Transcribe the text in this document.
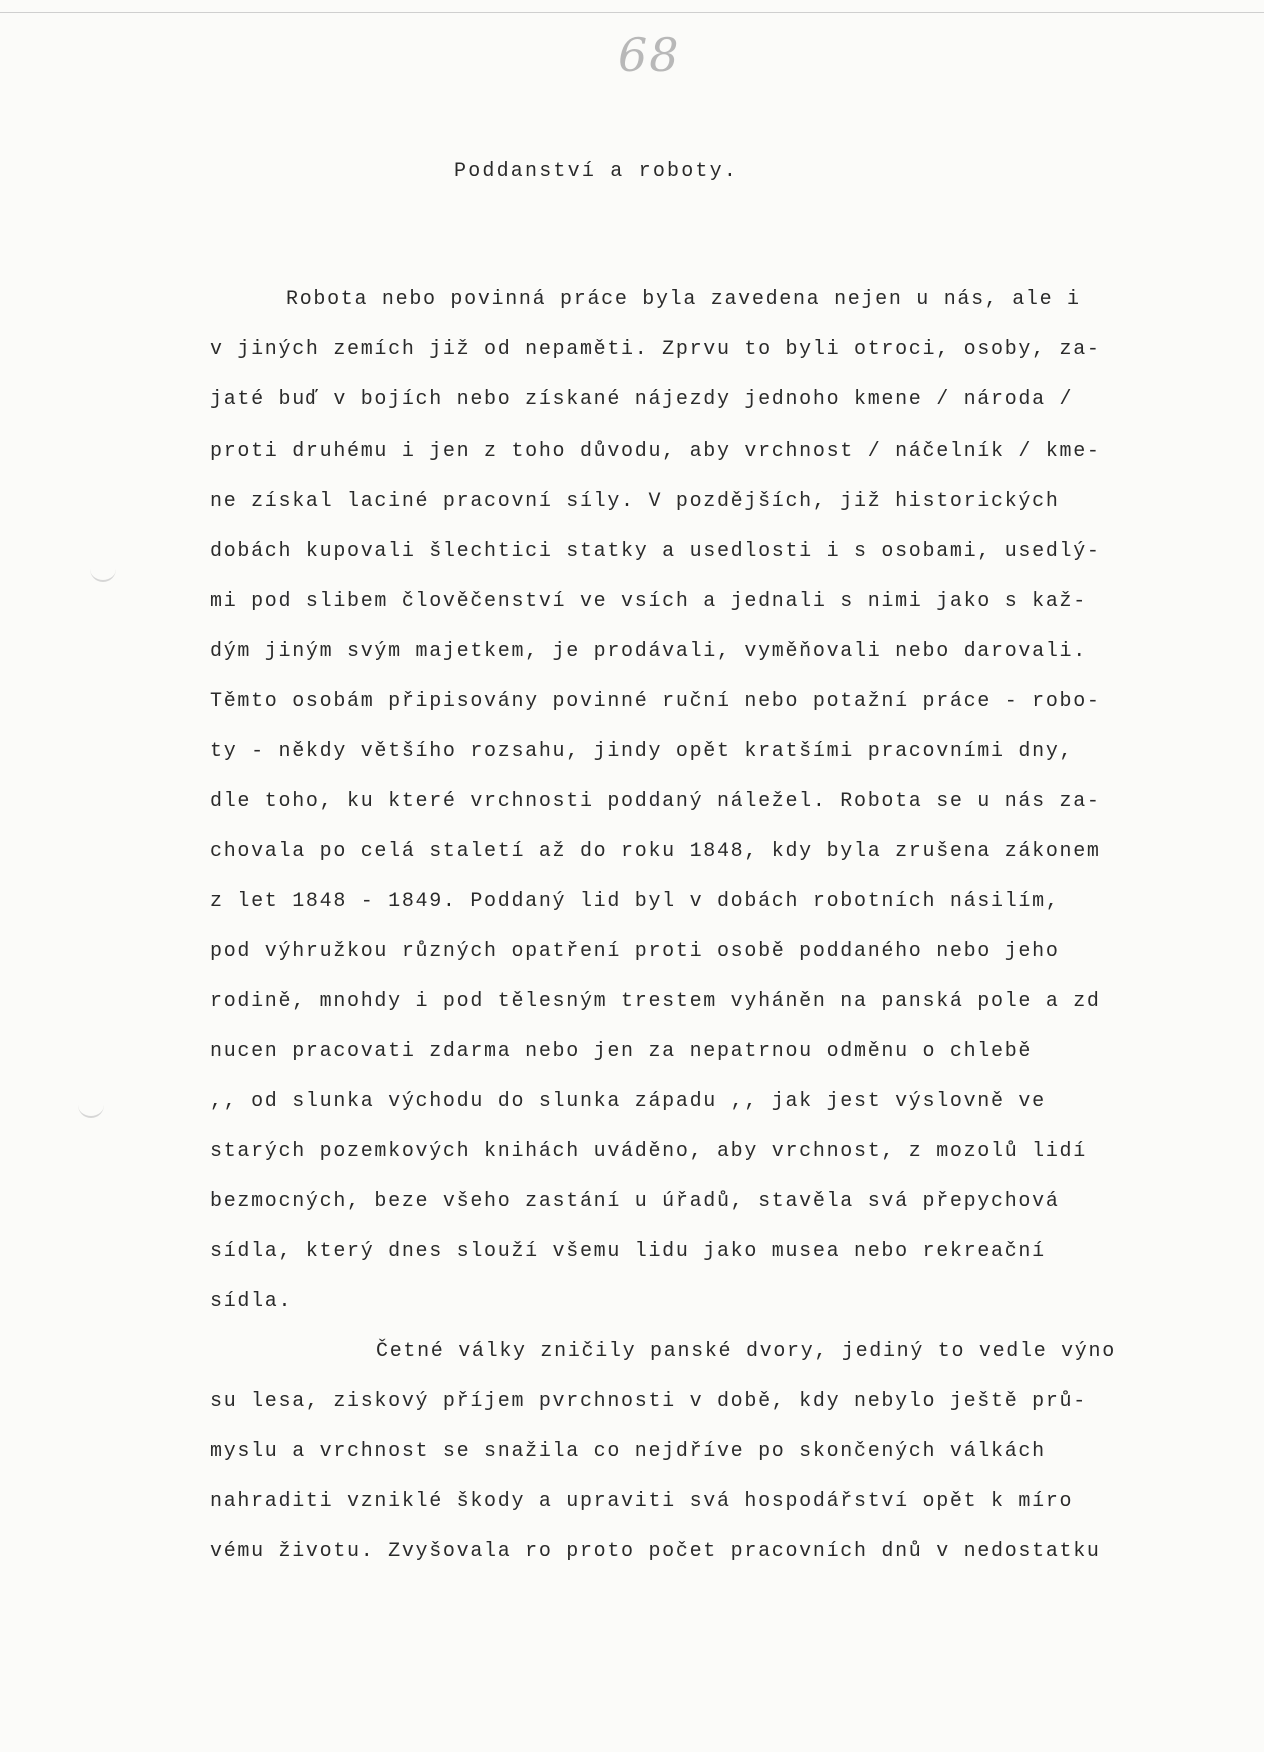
68
Poddanství a roboty.
Robota nebo povinná práce byla zavedena nejen u nás, ale i
v jiných zemích již od nepaměti. Zprvu to byli otroci, osoby, za-
jaté buď v bojích nebo získané nájezdy jednoho kmene / národa /
proti druhému i jen z toho důvodu, aby vrchnost / náčelník / kme-
ne získal laciné pracovní síly. V pozdějších, již historických
dobách kupovali šlechtici statky a usedlosti i s osobami, usedlý-
mi pod slibem člověčenství ve vsích a jednali s nimi jako s kaž-
dým jiným svým majetkem, je prodávali, vyměňovali nebo darovali.
Těmto osobám připisovány povinné ruční nebo potažní práce - robo-
ty - někdy většího rozsahu, jindy opět kratšími pracovními dny,
dle toho, ku které vrchnosti poddaný náležel. Robota se u nás za-
chovala po celá staletí až do roku 1848, kdy byla zrušena zákonem
z let 1848 - 1849. Poddaný lid byl v dobách robotních násilím,
pod výhružkou různých opatření proti osobě poddaného nebo jeho
rodině, mnohdy i pod tělesným trestem vyháněn na panská pole a zd
nucen pracovati zdarma nebo jen za nepatrnou odměnu o chlebě
,, od slunka východu do slunka západu ,, jak jest výslovně ve
starých pozemkových knihách uváděno, aby vrchnost, z mozolů lidí
bezmocných, beze všeho zastání u úřadů, stavěla svá přepychová
sídla, který dnes slouží všemu lidu jako musea nebo rekreační
sídla.
Četné války zničily panské dvory, jediný to vedle výno
su lesa, ziskový příjem pvrchnosti v době, kdy nebylo ještě prů-
myslu a vrchnost se snažila co nejdříve po skončených válkách
nahraditi vzniklé škody a upraviti svá hospodářství opět k míro
vému životu. Zvyšovala ro proto počet pracovních dnů v nedostatku
